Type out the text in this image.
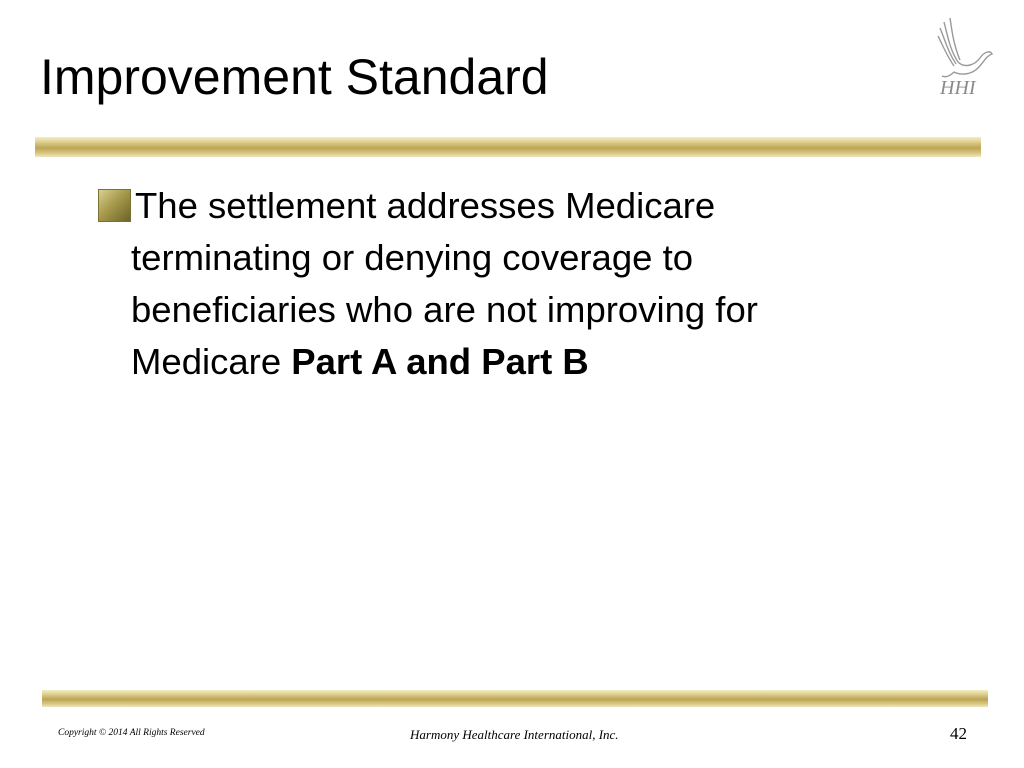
Improvement Standard	HHI
The settlement addresses Medicare
terminating or denying coverage to
beneficiaries who are not improving for
Medicare Part A and Part B
Copyright © 2014 All Rights Reserved	Harmony Healthcare International, Inc.	42
